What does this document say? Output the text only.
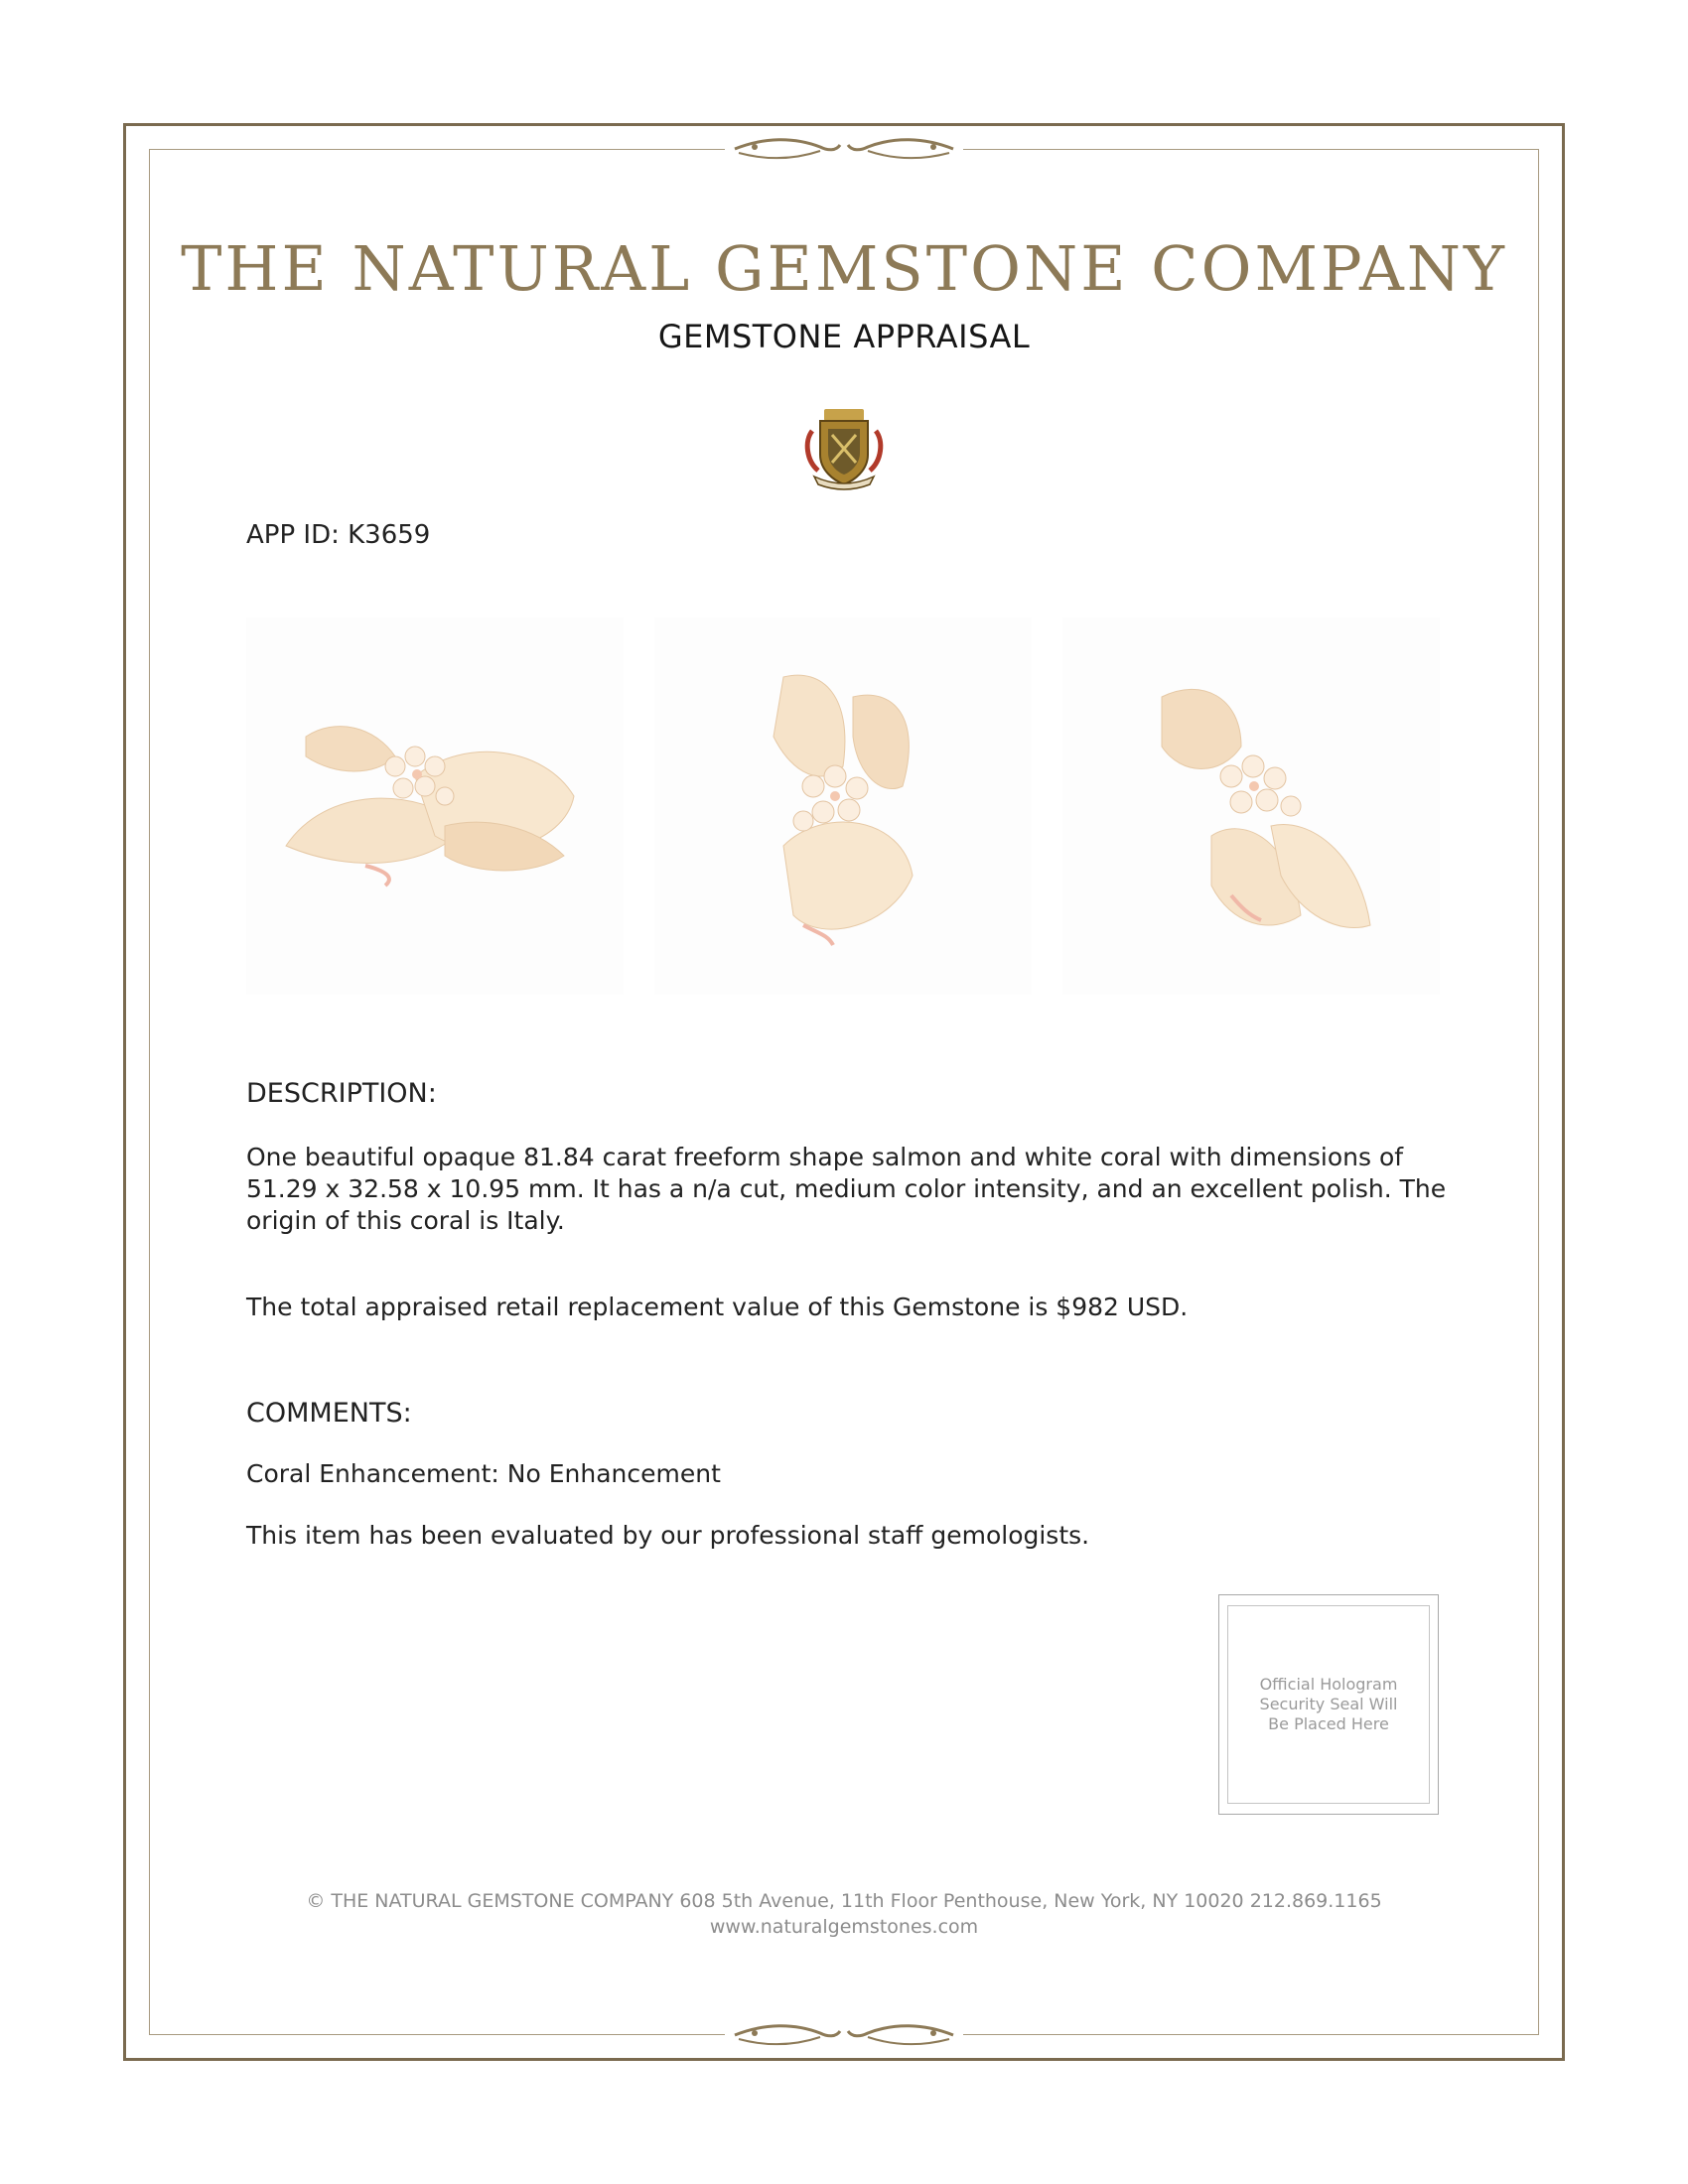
THE NATURAL GEMSTONE COMPANY
GEMSTONE APPRAISAL
APP ID: K3659
DESCRIPTION:
One beautiful opaque 81.84 carat freeform shape salmon and white coral with dimensions of 51.29 x 32.58 x 10.95 mm. It has a n/a cut, medium color intensity, and an excellent polish. The origin of this coral is Italy.
The total appraised retail replacement value of this Gemstone is $982 USD.
COMMENTS:
Coral Enhancement: No Enhancement
This item has been evaluated by our professional staff gemologists.
Official Hologram Security Seal Will Be Placed Here
© THE NATURAL GEMSTONE COMPANY 608 5th Avenue, 11th Floor Penthouse, New York, NY 10020 212.869.1165
www.naturalgemstones.com
